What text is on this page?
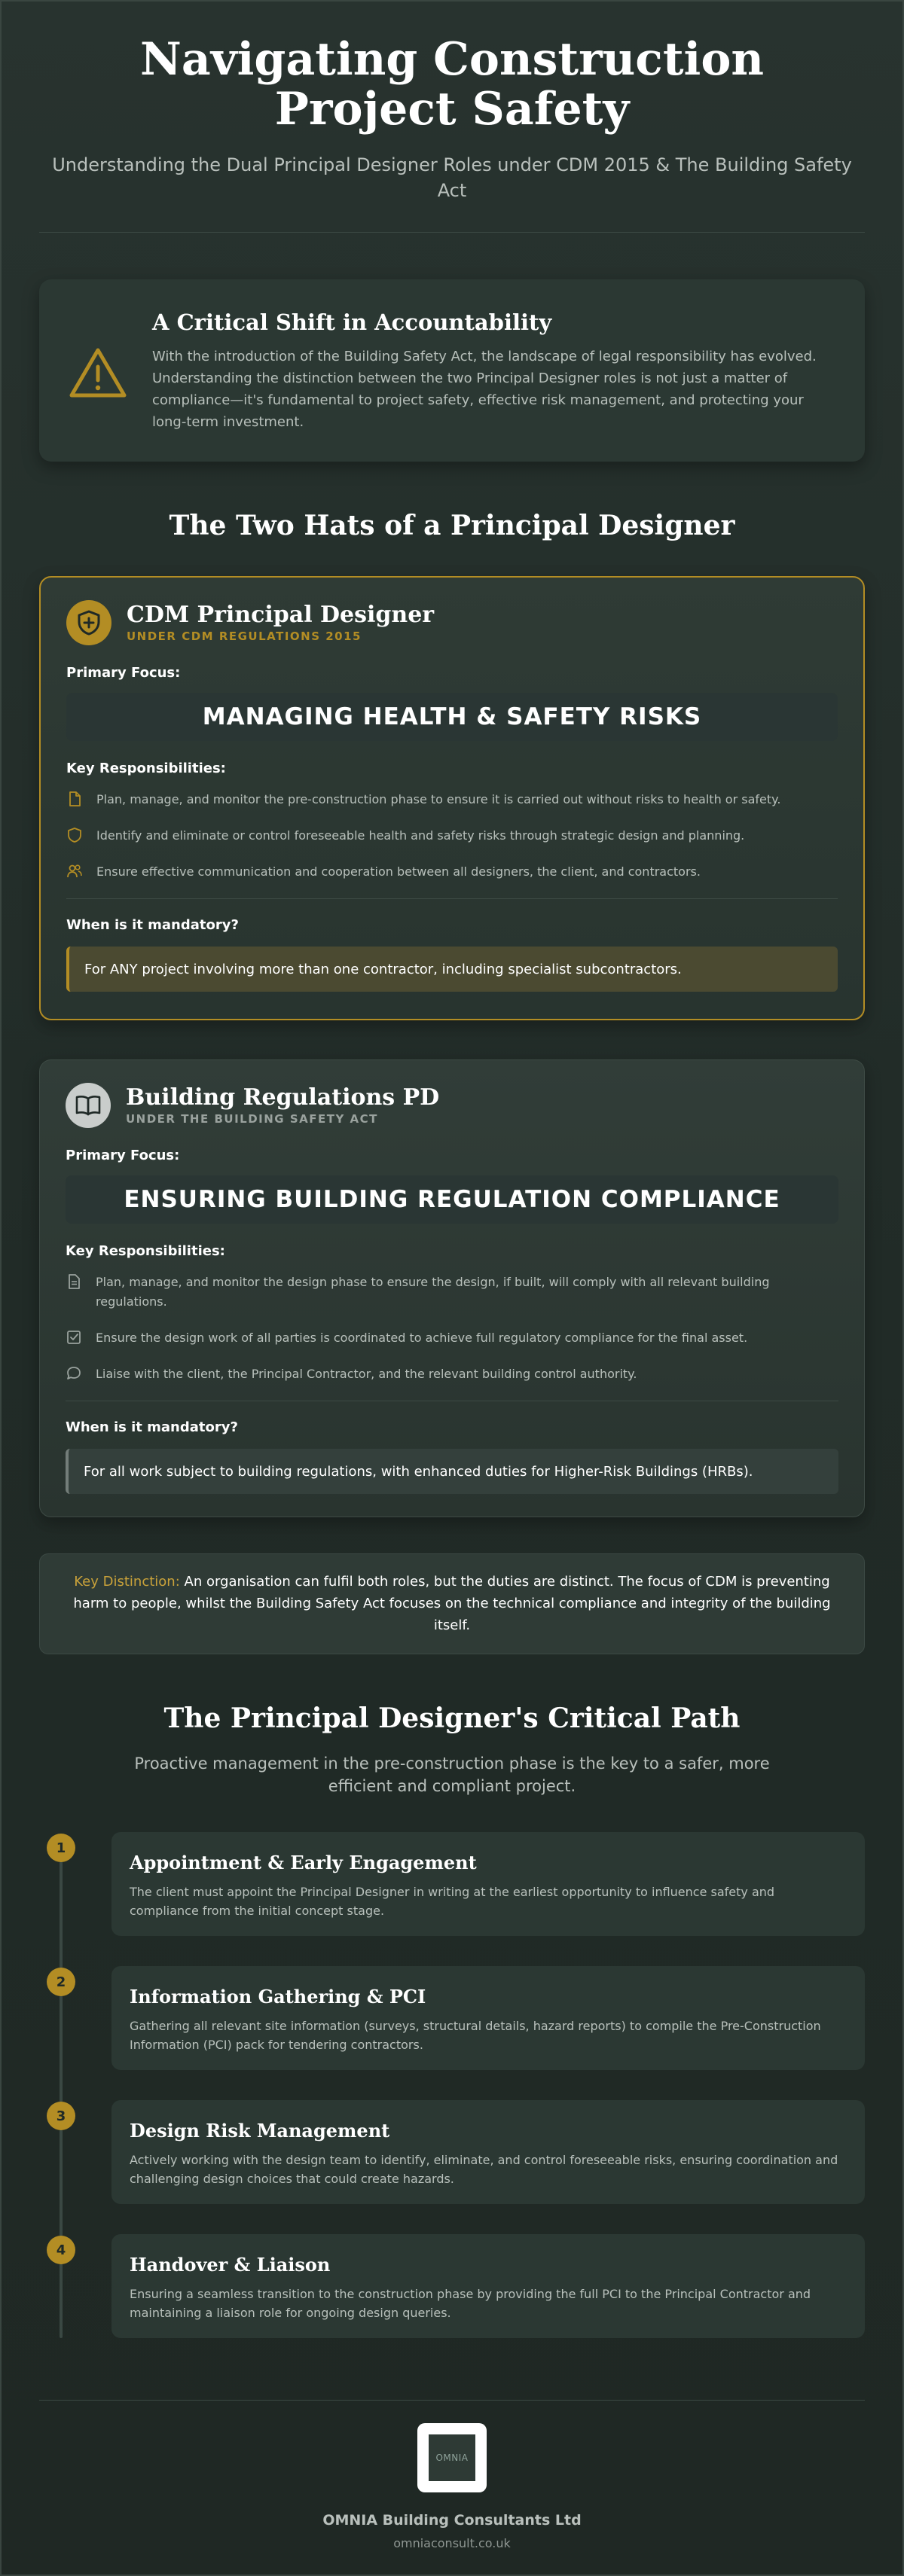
Navigating Construction Project Safety

Understanding the Dual Principal Designer Roles under CDM 2015 & The Building Safety Act

A Critical Shift in Accountability

With the introduction of the Building Safety Act, the landscape of legal responsibility has evolved. Understanding the distinction between the two Principal Designer roles is not just a matter of compliance—it's fundamental to project safety, effective risk management, and protecting your long-term investment.

The Two Hats of a Principal Designer
CDM Principal Designer
UNDER CDM REGULATIONS 2015
Primary Focus:
MANAGING HEALTH & SAFETY RISKS
Key Responsibilities:
Plan, manage, and monitor the pre-construction phase to ensure it is carried out without risks to health or safety.
Identify and eliminate or control foreseeable health and safety risks through strategic design and planning.
Ensure effective communication and cooperation between all designers, the client, and contractors.
When is it mandatory?
For ANY project involving more than one contractor, including specialist subcontractors.
Building Regulations PD
UNDER THE BUILDING SAFETY ACT
Primary Focus:
ENSURING BUILDING REGULATION COMPLIANCE
Key Responsibilities:
Plan, manage, and monitor the design phase to ensure the design, if built, will comply with all relevant building regulations.
Ensure the design work of all parties is coordinated to achieve full regulatory compliance for the final asset.
Liaise with the client, the Principal Contractor, and the relevant building control authority.
When is it mandatory?
For all work subject to building regulations, with enhanced duties for Higher-Risk Buildings (HRBs).
Key Distinction: An organisation can fulfil both roles, but the duties are distinct. The focus of CDM is preventing harm to people, whilst the Building Safety Act focuses on the technical compliance and integrity of the building itself.
The Principal Designer's Critical Path

Proactive management in the pre-construction phase is the key to a safer, more efficient and compliant project.

1
Appointment & Early Engagement

The client must appoint the Principal Designer in writing at the earliest opportunity to influence safety and compliance from the initial concept stage.

2
Information Gathering & PCI

Gathering all relevant site information (surveys, structural details, hazard reports) to compile the Pre-Construction Information (PCI) pack for tendering contractors.

3
Design Risk Management

Actively working with the design team to identify, eliminate, and control foreseeable risks, ensuring coordination and challenging design choices that could create hazards.

4
Handover & Liaison

Ensuring a seamless transition to the construction phase by providing the full PCI to the Principal Contractor and maintaining a liaison role for ongoing design queries.

OMNIA
OMNIA Building Consultants Ltd
omniaconsult.co.uk
